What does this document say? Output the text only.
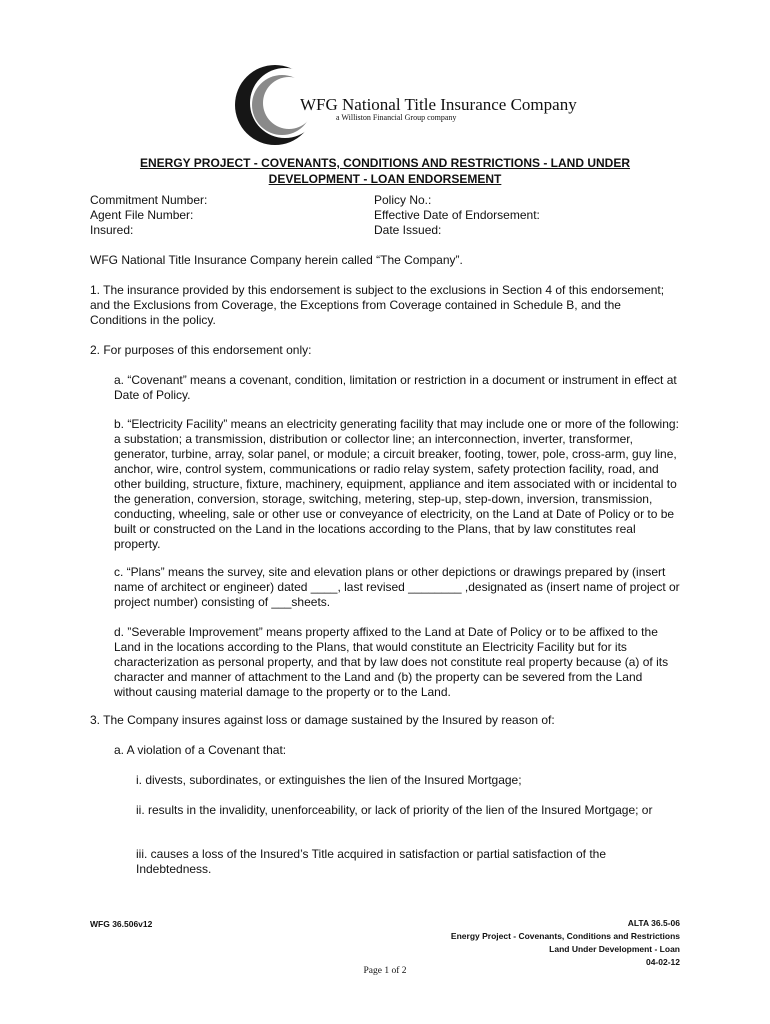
WFG National Title Insurance Company
a Williston Financial Group company
ENERGY PROJECT - COVENANTS, CONDITIONS AND RESTRICTIONS - LAND UNDER
DEVELOPMENT - LOAN ENDORSEMENT
Commitment Number:
Agent File Number:
Insured:
Policy No.:
Effective Date of Endorsement:
Date Issued:
WFG National Title Insurance Company herein called “The Company”.
1. The insurance provided by this endorsement is subject to the exclusions in Section 4 of this endorsement; and the Exclusions from Coverage, the Exceptions from Coverage contained in Schedule B, and the Conditions in the policy.
2. For purposes of this endorsement only:
a. “Covenant” means a covenant, condition, limitation or restriction in a document or instrument in effect at Date of Policy.
b. “Electricity Facility” means an electricity generating facility that may include one or more of the following: a substation; a transmission, distribution or collector line; an interconnection, inverter, transformer, generator, turbine, array, solar panel, or module; a circuit breaker, footing, tower, pole, cross-arm, guy line, anchor, wire, control system, communications or radio relay system, safety protection facility, road, and other building, structure, fixture, machinery, equipment, appliance and item associated with or incidental to the generation, conversion, storage, switching, metering, step-up, step-down, inversion, transmission, conducting, wheeling, sale or other use or conveyance of electricity, on the Land at Date of Policy or to be built or constructed on the Land in the locations according to the Plans, that by law constitutes real property.
c. “Plans” means the survey, site and elevation plans or other depictions or drawings prepared by (insert name of architect or engineer) dated ____, last revised ________ ,designated as (insert name of project or project number) consisting of ___sheets.
d. ”Severable Improvement” means property affixed to the Land at Date of Policy or to be affixed to the Land in the locations according to the Plans, that would constitute an Electricity Facility but for its characterization as personal property, and that by law does not constitute real property because (a) of its character and manner of attachment to the Land and (b) the property can be severed from the Land without causing material damage to the property or to the Land.
3. The Company insures against loss or damage sustained by the Insured by reason of:
a. A violation of a Covenant that:
i. divests, subordinates, or extinguishes the lien of the Insured Mortgage;
ii. results in the invalidity, unenforceability, or lack of priority of the lien of the Insured Mortgage; or
iii. causes a loss of the Insured’s Title acquired in satisfaction or partial satisfaction of the Indebtedness.
WFG 36.506v12	ALTA 36.5-06
Energy Project - Covenants, Conditions and Restrictions
Land Under Development - Loan
04-02-12
Page 1 of 2
